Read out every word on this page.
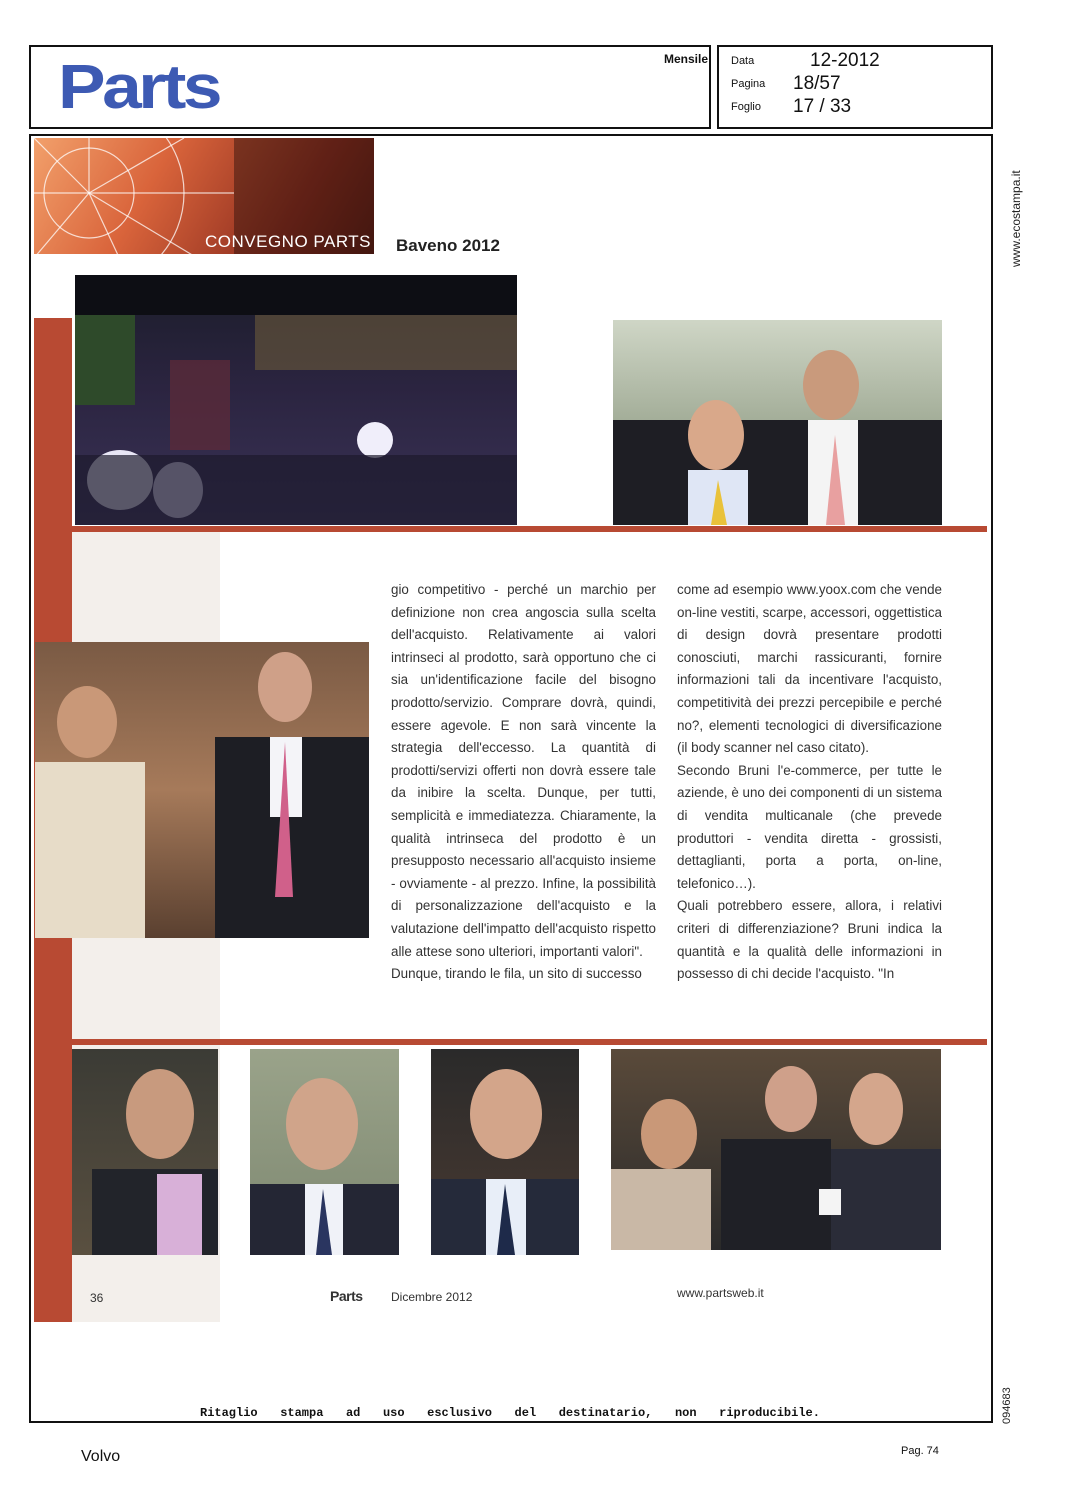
Parts	Mensile Data	12-2012
Pagina 18/57
Foglio 17 / 33
www.ecostampa.it
094683
CONVEGNO PARTS Baveno 2012

gio competitivo - perché un marchio per definizione non crea angoscia sulla scelta dell'acquisto. Relativamente ai valori intrinseci al prodotto, sarà opportuno che ci sia un'identificazione facile del bisogno prodotto/servizio. Comprare dovrà, quindi, essere agevole. E non sarà vincente la strategia dell'eccesso. La quantità di prodotti/servizi offerti non dovrà essere tale da inibire la scelta. Dunque, per tutti, semplicità e immediatezza. Chiaramente, la qualità intrinseca del prodotto è un presupposto necessario all'acquisto insieme - ovviamente - al prezzo. Infine, la possibilità di personalizzazione dell'acquisto e la valutazione dell'impatto dell'acquisto rispetto alle attese sono ulteriori, importanti valori".

Dunque, tirando le fila, un sito di successo

come ad esempio www.yoox.com che vende on-line vestiti, scarpe, accessori, oggettistica di design dovrà presentare prodotti conosciuti, marchi rassicuranti, fornire informazioni tali da incentivare l'acquisto, competitività dei prezzi percepibile e perché no?, elementi tecnologici di diversificazione (il body scanner nel caso citato).

Secondo Bruni l'e-commerce, per tutte le aziende, è uno dei componenti di un sistema di vendita multicanale (che prevede produttori - vendita diretta - grossisti, dettaglianti, porta a porta, on-line, telefonico…).

Quali potrebbero essere, allora, i relativi criteri di differenziazione? Bruni indica la quantità e la qualità delle informazioni in possesso di chi decide l'acquisto. "In

36	Parts Dicembre 2012	www.partsweb.it
Ritaglio stampa ad uso esclusivo del destinatario, non riproducibile.
Volvo	Pag. 74
